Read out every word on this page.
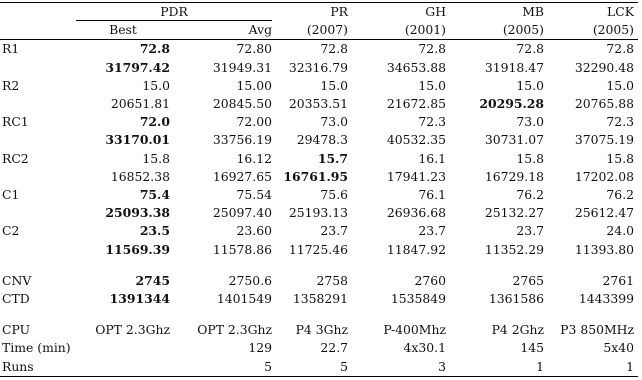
	PDR		PR	GH	MB	LCK
	Best	Avg	(2007)	(2001)	(2005)	(2005)
R1	72.8	72.80	72.8	72.8	72.8	72.8
	31797.42	31949.31	32316.79	34653.88	31918.47	32290.48
R2	15.0	15.00	15.0	15.0	15.0	15.0
	20651.81	20845.50	20353.51	21672.85	20295.28	20765.88
RC1	72.0	72.00	73.0	72.3	73.0	72.3
	33170.01	33756.19	29478.3	40532.35	30731.07	37075.19
RC2	15.8	16.12	15.7	16.1	15.8	15.8
	16852.38	16927.65	16761.95	17941.23	16729.18	17202.08
C1	75.4	75.54	75.6	76.1	76.2	76.2
	25093.38	25097.40	25193.13	26936.68	25132.27	25612.47
C2	23.5	23.60	23.7	23.7	23.7	24.0
	11569.39	11578.86	11725.46	11847.92	11352.29	11393.80

CNV	2745	2750.6	2758	2760	2765	2761
CTD	1391344	1401549	1358291	1535849	1361586	1443399

CPU	OPT 2.3Ghz	OPT 2.3Ghz	P4 3Ghz	P-400Mhz	P4 2Ghz	P3 850MHz
Time (min)		129	22.7	4x30.1	145	5x40
Runs		5	5	3	1	1
